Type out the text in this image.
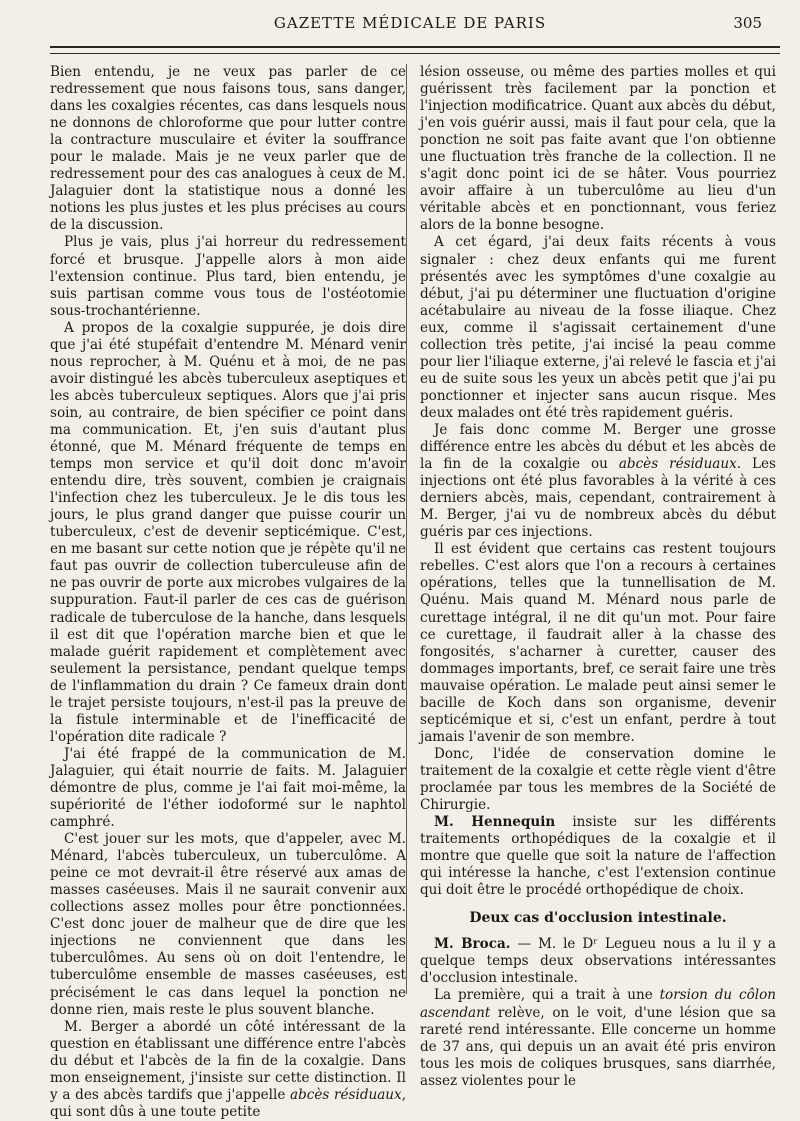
GAZETTE MÉDICALE DE PARIS	305

Bien entendu, je ne veux pas parler de ce redressement que nous faisons tous, sans danger, dans les coxalgies récentes, cas dans lesquels nous ne donnons de chloroforme que pour lutter contre la contracture musculaire et éviter la souffrance pour le malade. Mais je ne veux parler que de redressement pour des cas analogues à ceux de M. Jalaguier dont la statistique nous a donné les notions les plus justes et les plus précises au cours de la discussion.

Plus je vais, plus j'ai horreur du redressement forcé et brusque. J'appelle alors à mon aide l'extension continue. Plus tard, bien entendu, je suis partisan comme vous tous de l'ostéotomie sous-trochantérienne.

A propos de la coxalgie suppurée, je dois dire que j'ai été stupéfait d'entendre M. Ménard venir nous reprocher, à M. Quénu et à moi, de ne pas avoir distingué les abcès tuberculeux aseptiques et les abcès tuberculeux septiques. Alors que j'ai pris soin, au contraire, de bien spécifier ce point dans ma communication. Et, j'en suis d'autant plus étonné, que M. Ménard fréquente de temps en temps mon service et qu'il doit donc m'avoir entendu dire, très souvent, combien je craignais l'infection chez les tuberculeux. Je le dis tous les jours, le plus grand danger que puisse courir un tuberculeux, c'est de devenir septicémique. C'est, en me basant sur cette notion que je répète qu'il ne faut pas ouvrir de collection tuberculeuse afin de ne pas ouvrir de porte aux microbes vulgaires de la suppuration. Faut-il parler de ces cas de guérison radicale de tuberculose de la hanche, dans lesquels il est dit que l'opération marche bien et que le malade guérit rapidement et complètement avec seulement la persistance, pendant quelque temps de l'inflammation du drain ? Ce fameux drain dont le trajet persiste toujours, n'est-il pas la preuve de la fistule interminable et de l'inefficacité de l'opération dite radicale ?

J'ai été frappé de la communication de M. Jalaguier, qui était nourrie de faits. M. Jalaguier démontre de plus, comme je l'ai fait moi-même, la supériorité de l'éther iodoformé sur le naphtol camphré.

C'est jouer sur les mots, que d'appeler, avec M. Ménard, l'abcès tuberculeux, un tuberculôme. A peine ce mot devrait-il être réservé aux amas de masses caséeuses. Mais il ne saurait convenir aux collections assez molles pour être ponctionnées. C'est donc jouer de malheur que de dire que les injections ne conviennent que dans les tuberculômes. Au sens où on doit l'entendre, le tuberculôme ensemble de masses caséeuses, est précisément le cas dans lequel la ponction ne donne rien, mais reste le plus souvent blanche.

M. Berger a abordé un côté intéressant de la question en établissant une différence entre l'abcès du début et l'abcès de la fin de la coxalgie. Dans mon enseignement, j'insiste sur cette distinction. Il y a des abcès tardifs que j'appelle abcès résiduaux, qui sont dûs à une toute petite

lésion osseuse, ou même des parties molles et qui guérissent très facilement par la ponction et l'injection modificatrice. Quant aux abcès du début, j'en vois guérir aussi, mais il faut pour cela, que la ponction ne soit pas faite avant que l'on obtienne une fluctuation très franche de la collection. Il ne s'agit donc point ici de se hâter. Vous pourriez avoir affaire à un tuberculôme au lieu d'un véritable abcès et en ponctionnant, vous feriez alors de la bonne besogne.

A cet égard, j'ai deux faits récents à vous signaler : chez deux enfants qui me furent présentés avec les symptômes d'une coxalgie au début, j'ai pu déterminer une fluctuation d'origine acétabulaire au niveau de la fosse iliaque. Chez eux, comme il s'agissait certainement d'une collection très petite, j'ai incisé la peau comme pour lier l'iliaque externe, j'ai relevé le fascia et j'ai eu de suite sous les yeux un abcès petit que j'ai pu ponctionner et injecter sans aucun risque. Mes deux malades ont été très rapidement guéris.

Je fais donc comme M. Berger une grosse différence entre les abcès du début et les abcès de la fin de la coxalgie ou abcès résiduaux. Les injections ont été plus favorables à la vérité à ces derniers abcès, mais, cependant, contrairement à M. Berger, j'ai vu de nombreux abcès du début guéris par ces injections.

Il est évident que certains cas restent toujours rebelles. C'est alors que l'on a recours à certaines opérations, telles que la tunnellisation de M. Quénu. Mais quand M. Ménard nous parle de curettage intégral, il ne dit qu'un mot. Pour faire ce curettage, il faudrait aller à la chasse des fongosités, s'acharner à curetter, causer des dommages importants, bref, ce serait faire une très mauvaise opération. Le malade peut ainsi semer le bacille de Koch dans son organisme, devenir septicémique et si, c'est un enfant, perdre à tout jamais l'avenir de son membre.

Donc, l'idée de conservation domine le traitement de la coxalgie et cette règle vient d'être proclamée par tous les membres de la Société de Chirurgie.

M. Hennequin insiste sur les différents traitements orthopédiques de la coxalgie et il montre que quelle que soit la nature de l'affection qui intéresse la hanche, c'est l'extension continue qui doit être le procédé orthopédique de choix.

Deux cas d'occlusion intestinale.

M. Broca. — M. le Dʳ Legueu nous a lu il y a quelque temps deux observations intéressantes d'occlusion intestinale.

La première, qui a trait à une torsion du côlon ascendant relève, on le voit, d'une lésion que sa rareté rend intéressante. Elle concerne un homme de 37 ans, qui depuis un an avait été pris environ tous les mois de coliques brusques, sans diarrhée, assez violentes pour le
